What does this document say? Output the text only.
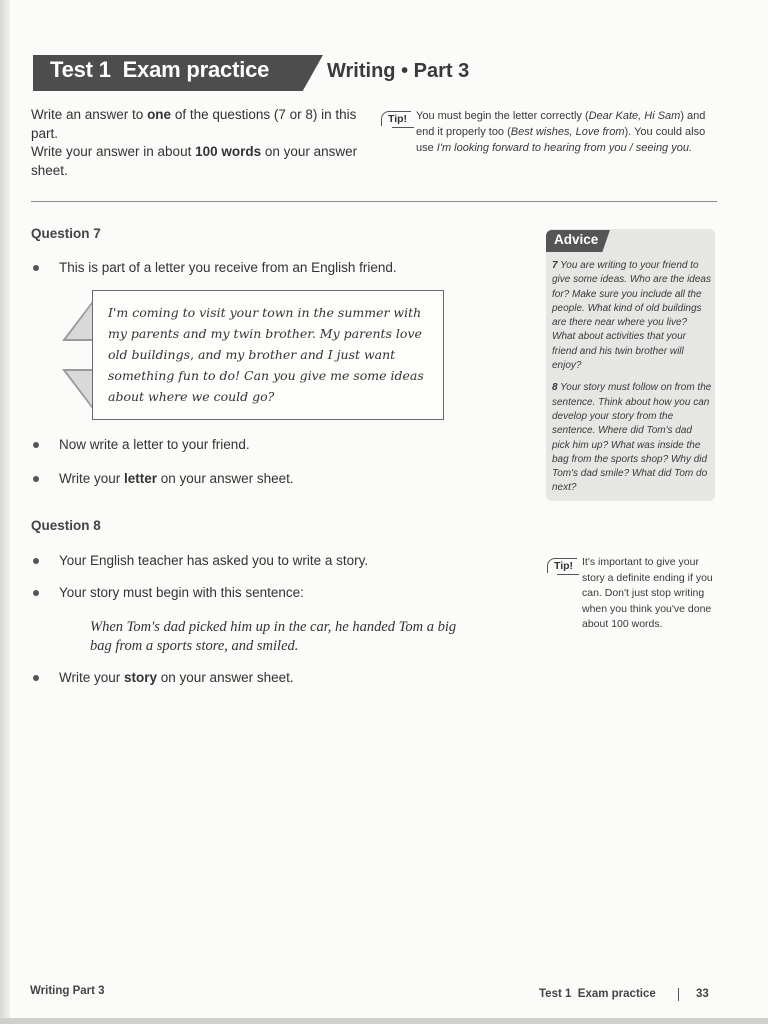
Test 1  Exam practice	Writing • Part 3

Write an answer to one of the questions (7 or 8) in this part.

Write your answer in about 100 words on your answer sheet.

Tip! You must begin the letter correctly (Dear Kate, Hi Sam) and end it properly too (Best wishes, Love from). You could also use I'm looking forward to hearing from you / seeing you.
Question 7
This is part of a letter you receive from an English friend.
I'm coming to visit your town in the summer with my parents and my twin brother. My parents love old buildings, and my brother and I just want something fun to do! Can you give me some ideas about where we could go?
Now write a letter to your friend.
Write your letter on your answer sheet.
Question 8
Your English teacher has asked you to write a story.
Your story must begin with this sentence:
When Tom's dad picked him up in the car, he handed Tom a big bag from a sports store, and smiled.
Write your story on your answer sheet.
Advice

7 You are writing to your friend to give some ideas. Who are the ideas for? Make sure you include all the people. What kind of old buildings are there near where you live? What about activities that your friend and his twin brother will enjoy?

8 Your story must follow on from the sentence. Think about how you can develop your story from the sentence. Where did Tom's dad pick him up? What was inside the bag from the sports shop? Why did Tom's dad smile? What did Tom do next?

Tip! It's important to give your story a definite ending if you can. Don't just stop writing when you think you've done about 100 words.
Writing Part 3	Test 1  Exam practice	33
